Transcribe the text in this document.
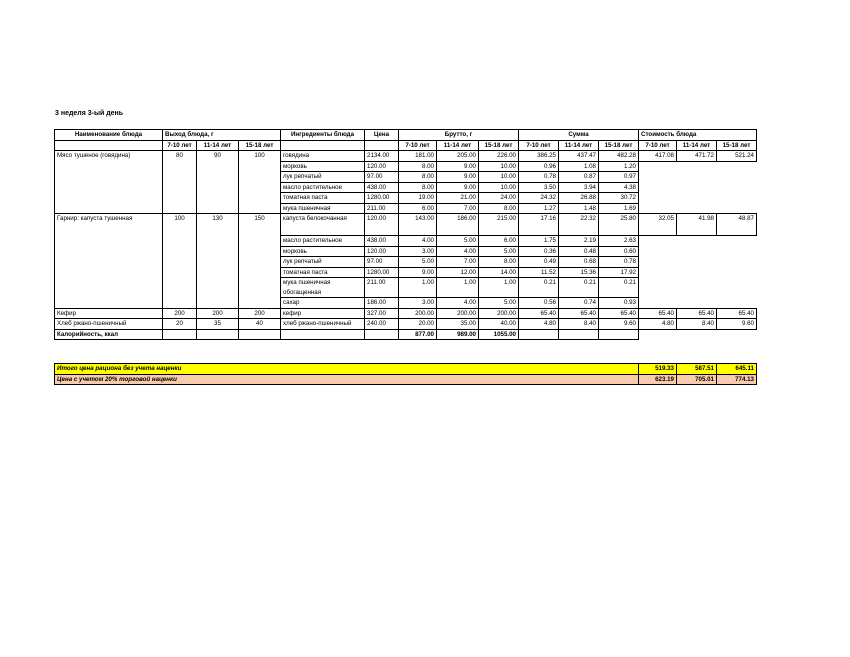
3 неделя 3-ый день
Наименование блюда	Выход блюда, г			Ингредиенты блюда	Цена	Брутто, г			Сумма			Стоимость блюда		
	7-10 лет	11-14 лет	15-18 лет			7-10 лет	11-14 лет	15-18 лет	7-10 лет	11-14 лет	15-18 лет	7-10 лет	11-14 лет	15-18 лет
Мясо тушеное (говядина)	80	90	100	говядина	2134.00	181.00	205.00	226.00	386.25	437.47	482.28	417.08	471.72	521.24
				морковь	120.00	8.00	9.00	10.00	0.96	1.08	1.20			
				лук репчатый	97.00	8.00	9.00	10.00	0.78	0.87	0.97			
				масло растительное	438.00	8.00	9.00	10.00	3.50	3.94	4.38			
				томатная паста	1280.00	19.00	21.00	24.00	24.32	26.88	30.72			
				мука пшеничная	211.00	6.00	7.00	8.00	1.27	1.48	1.69			
Гарнир: капуста тушенная	100	130	150	капуста белокочанная	120.00	143.00	186.00	215.00	17.16	22.32	25.80	32.05	41.98	48.87
				масло растительное	438.00	4.00	5.00	6.00	1.75	2.19	2.63			
				морковь	120.00	3.00	4.00	5.00	0.36	0.48	0.60			
				лук репчатый	97.00	5.00	7.00	8.00	0.49	0.68	0.78			
				томатная паста	1280.00	9.00	12.00	14.00	11.52	15.36	17.92			
				мука пшеничная обогащенная	211.00	1.00	1.00	1.00	0.21	0.21	0.21			
				сахар	186.00	3.00	4.00	5.00	0.56	0.74	0.93			
Кефир	200	200	200	кефир	327.00	200.00	200.00	200.00	65.40	65.40	65.40	65.40	65.40	65.40
Хлеб ржано-пшеничный	20	35	40	хлеб ржано-пшеничный	240.00	20.00	35.00	40.00	4.80	8.40	9.60	4.80	8.40	9.60
Калорийность, ккал						877.00	989.00	1055.00						
Итого цена рациона без учета наценки	519.33	587.51	645.11
Цена с учетом 20% торговой наценки	623.19	705.01	774.13
